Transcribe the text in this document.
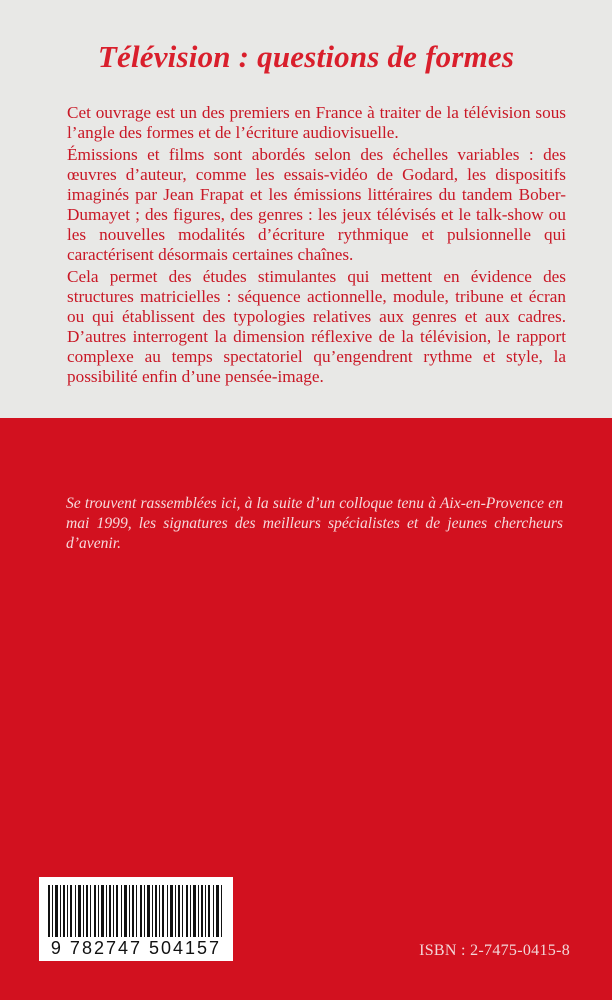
Télévision : questions de formes

Cet ouvrage est un des premiers en France à traiter de la télévision sous l’angle des formes et de l’écriture audiovisuelle.

Émissions et films sont abordés selon des échelles variables : des œuvres d’auteur, comme les essais-vidéo de Godard, les dispositifs imaginés par Jean Frapat et les émissions littéraires du tandem Bober-Dumayet ; des figures, des genres : les jeux télévisés et le talk-show ou les nouvelles modalités d’écriture rythmique et pulsionnelle qui caractérisent désormais certaines chaînes.

Cela permet des études stimulantes qui mettent en évidence des structures matricielles : séquence actionnelle, module, tribune et écran ou qui établissent des typologies relatives aux genres et aux cadres. D’autres interrogent la dimension réflexive de la télévision, le rapport complexe au temps spectatoriel qu’engendrent rythme et style, la possibilité enfin d’une pensée-image.

Se trouvent rassemblées ici, à la suite d’un colloque tenu à Aix-en-Provence en mai 1999, les signatures des meilleurs spécialistes et de jeunes chercheurs d’avenir.

9 782747 504157	ISBN : 2-7475-0415-8
